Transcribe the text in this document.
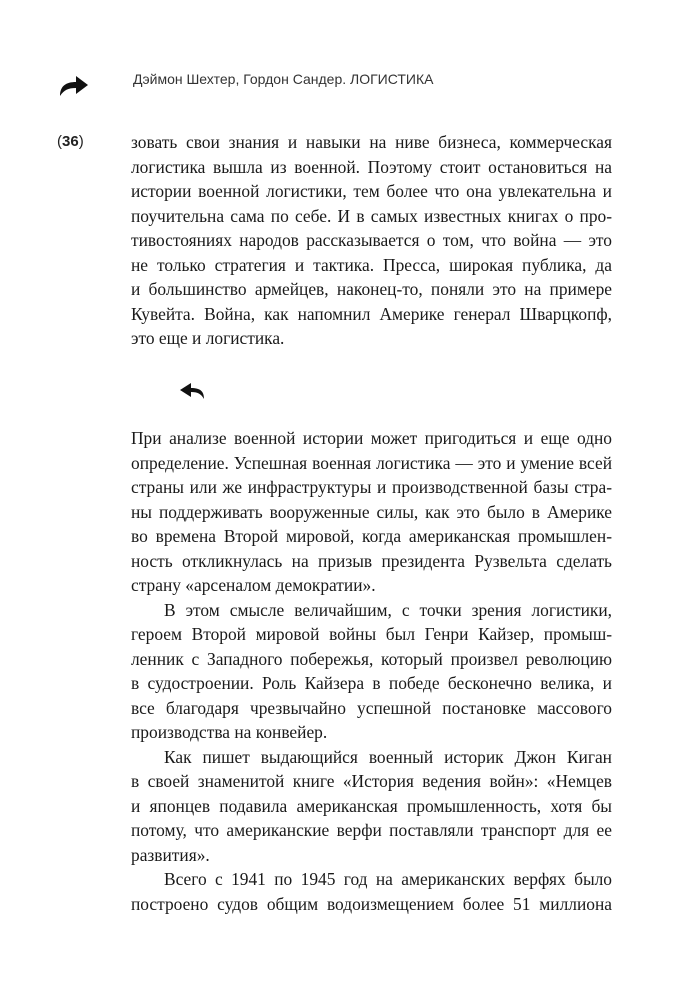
Дэймон Шехтер, Гордон Сандер. ЛОГИСТИКА
(36)	зовать свои знания и навыки на ниве бизнеса, коммерческая
логистика вышла из военной. Поэтому стоит остановиться на
истории военной логистики, тем более что она увлекательна и
поучительна сама по себе. И в самых известных книгах о про-
тивостояниях народов рассказывается о том, что война — это
не только стратегия и тактика. Пресса, широкая публика, да
и большинство армейцев, наконец-то, поняли это на примере
Кувейта. Война, как напомнил Америке генерал Шварцкопф,
это еще и логистика.
При анализе военной истории может пригодиться и еще одно
определение. Успешная военная логистика — это и умение всей
страны или же инфраструктуры и производственной базы стра-
ны поддерживать вооруженные силы, как это было в Америке
во времена Второй мировой, когда американская промышлен-
ность откликнулась на призыв президента Рузвельта сделать
страну «арсеналом демократии».
В этом смысле величайшим, с точки зрения логистики,
героем Второй мировой войны был Генри Кайзер, промыш-
ленник с Западного побережья, который произвел революцию
в судостроении. Роль Кайзера в победе бесконечно велика, и
все благодаря чрезвычайно успешной постановке массового
производства на конвейер.
Как пишет выдающийся военный историк Джон Киган
в своей знаменитой книге «История ведения войн»: «Немцев
и японцев подавила американская промышленность, хотя бы
потому, что американские верфи поставляли транспорт для ее
развития».
Всего с 1941 по 1945 год на американских верфях было
построено судов общим водоизмещением более 51 миллиона
